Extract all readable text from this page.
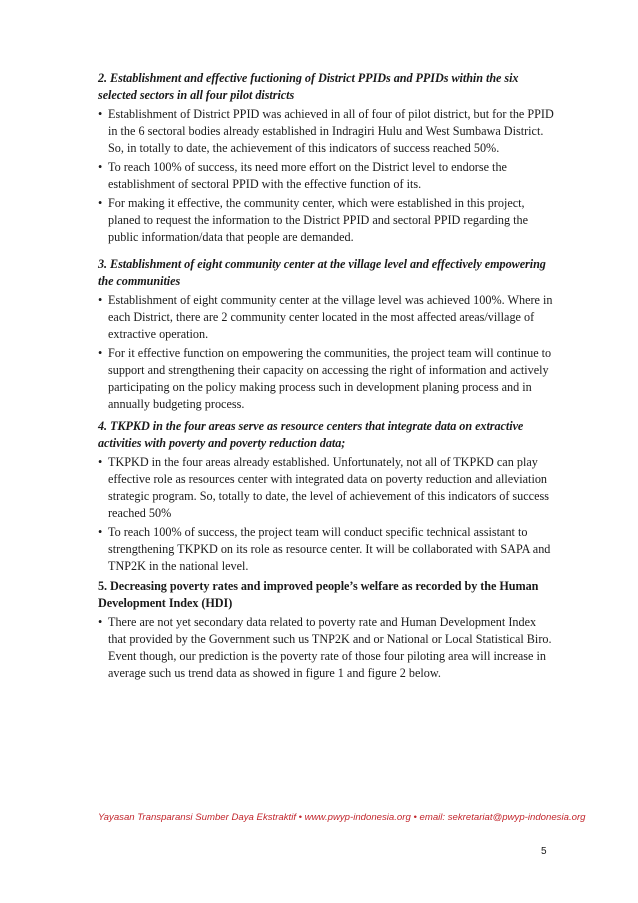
2. Establishment and effective fuctioning of District PPIDs and PPIDs within the six selected sectors in all four pilot districts
• Establishment of District PPID was achieved in all of four of pilot district, but for the PPID in the 6 sectoral bodies already established in Indragiri Hulu and West Sumbawa District. So, in totally to date, the achievement of this indicators of success reached 50%.
• To reach 100% of success, its need more effort on the District level to endorse the establishment of sectoral PPID with the effective function of its.
• For making it effective, the community center, which were established in this project, planed to request the information to the District PPID and sectoral PPID regarding the public information/data that people are demanded.
3. Establishment of eight community center at the village level and effectively empowering the communities
• Establishment of eight community center at the village level was achieved 100%. Where in each District, there are 2 community center located in the most affected areas/village of extractive operation.
• For it effective function on empowering the communities, the project team will continue to support and strengthening their capacity on accessing the right of information and actively participating on the policy making process such in development planing process and in annually budgeting process.
4. TKPKD in the four areas serve as resource centers that integrate data on extractive activities with poverty and poverty reduction data;
• TKPKD in the four areas already established. Unfortunately, not all of TKPKD can play effective role as resources center with integrated data on poverty reduction and alleviation strategic program. So, totally to date, the level of achievement of this indicators of success reached 50%
• To reach 100% of success, the project team will conduct specific technical assistant to strengthening TKPKD on its role as resource center. It will be collaborated with SAPA and TNP2K in the national level.
5. Decreasing poverty rates and improved people’s welfare as recorded by the Human Development Index (HDI)
• There are not yet secondary data related to poverty rate and Human Development Index that provided by the Government such us TNP2K and or National or Local Statistical Biro. Event though, our prediction is the poverty rate of those four piloting area will increase in average such us trend data as showed in figure 1 and figure 2 below.
Yayasan Transparansi Sumber Daya Ekstraktif • www.pwyp-indonesia.org • email: sekretariat@pwyp-indonesia.org
5
